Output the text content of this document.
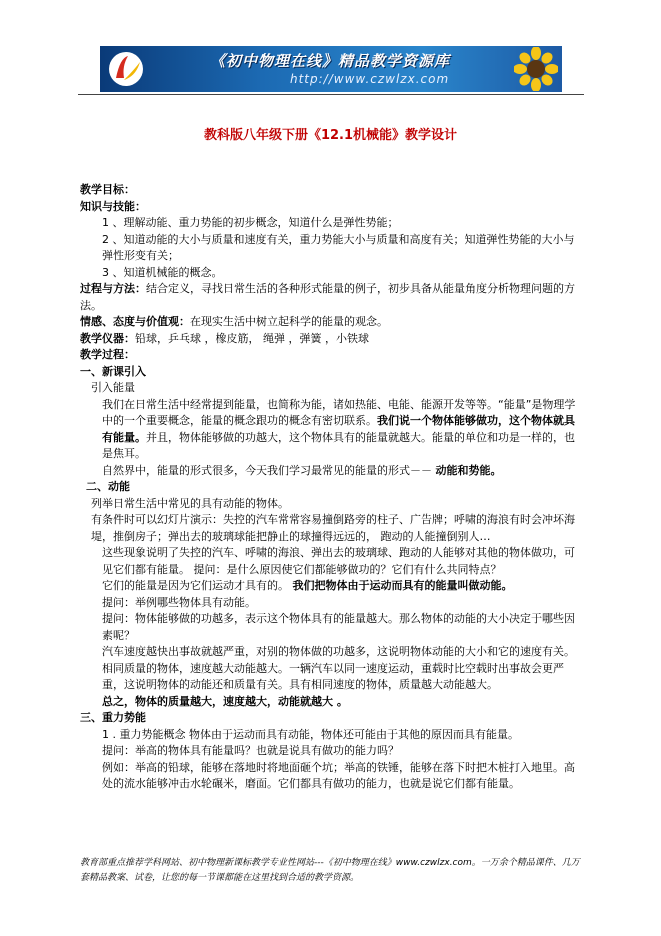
《初中物理在线》精品教学资源库
http://www.czwlzx.com
教科版八年级下册《12.1机械能》教学设计

教学目标：

知识与技能：

1 、理解动能、重力势能的初步概念，知道什么是弹性势能；

2 、知道动能的大小与质量和速度有关，重力势能大小与质量和高度有关；知道弹性势能的大小与弹性形变有关；

3 、知道机械能的概念。

过程与方法：结合定义，寻找日常生活的各种形式能量的例子，初步具备从能量角度分析物理问题的方法。

情感、态度与价值观：在现实生活中树立起科学的能量的观念。

教学仪器：铅球，乒乓球 ，橡皮筋， 绳弹 ，弹簧 ，小铁球

教学过程：

一、新课引入

引入能量

我们在日常生活中经常提到能量，也简称为能，诸如热能、电能、能源开发等等。“能量”是物理学中的一个重要概念，能量的概念跟功的概念有密切联系。我们说一个物体能够做功，这个物体就具有能量。并且，物体能够做的功越大，这个物体具有的能量就越大。能量的单位和功是一样的，也是焦耳。

自然界中，能量的形式很多，今天我们学习最常见的能量的形式－－ 动能和势能。

二、动能

列举日常生活中常见的具有动能的物体。

有条件时可以幻灯片演示：失控的汽车常常容易撞倒路旁的柱子、广告牌；呼啸的海浪有时会冲坏海堤，推倒房子；弹出去的玻璃球能把静止的球撞得远远的， 跑动的人能撞倒别人…

这些现象说明了失控的汽车、呼啸的海浪、弹出去的玻璃球、跑动的人能够对其他的物体做功，可见它们都有能量。 提问：是什么原因使它们都能够做功的？它们有什么共同特点？

它们的能量是因为它们运动才具有的。 我们把物体由于运动而具有的能量叫做动能。

提问：举例哪些物体具有动能。

提问：物体能够做的功越多，表示这个物体具有的能量越大。那么物体的动能的大小决定于哪些因素呢？

汽车速度越快出事故就越严重，对别的物体做的功越多，这说明物体动能的大小和它的速度有关。相同质量的物体，速度越大动能越大。一辆汽车以同一速度运动，重载时比空载时出事故会更严重，这说明物体的动能还和质量有关。具有相同速度的物体，质量越大动能越大。

总之，物体的质量越大，速度越大，动能就越大 。

三、重力势能

1 . 重力势能概念 物体由于运动而具有动能，物体还可能由于其他的原因而具有能量。

提问：举高的物体具有能量吗？也就是说具有做功的能力吗？

例如：举高的铅球，能够在落地时将地面砸个坑；举高的铁锤，能够在落下时把木桩打入地里。高处的流水能够冲击水轮碾米，磨面。它们都具有做功的能力，也就是说它们都有能量。

教育部重点推荐学科网站、初中物理新课标教学专业性网站---《初中物理在线》www.czwlzx.com。一万余个精品课件、几万套精品教案、试卷，让您的每一节课都能在这里找到合适的教学资源。
